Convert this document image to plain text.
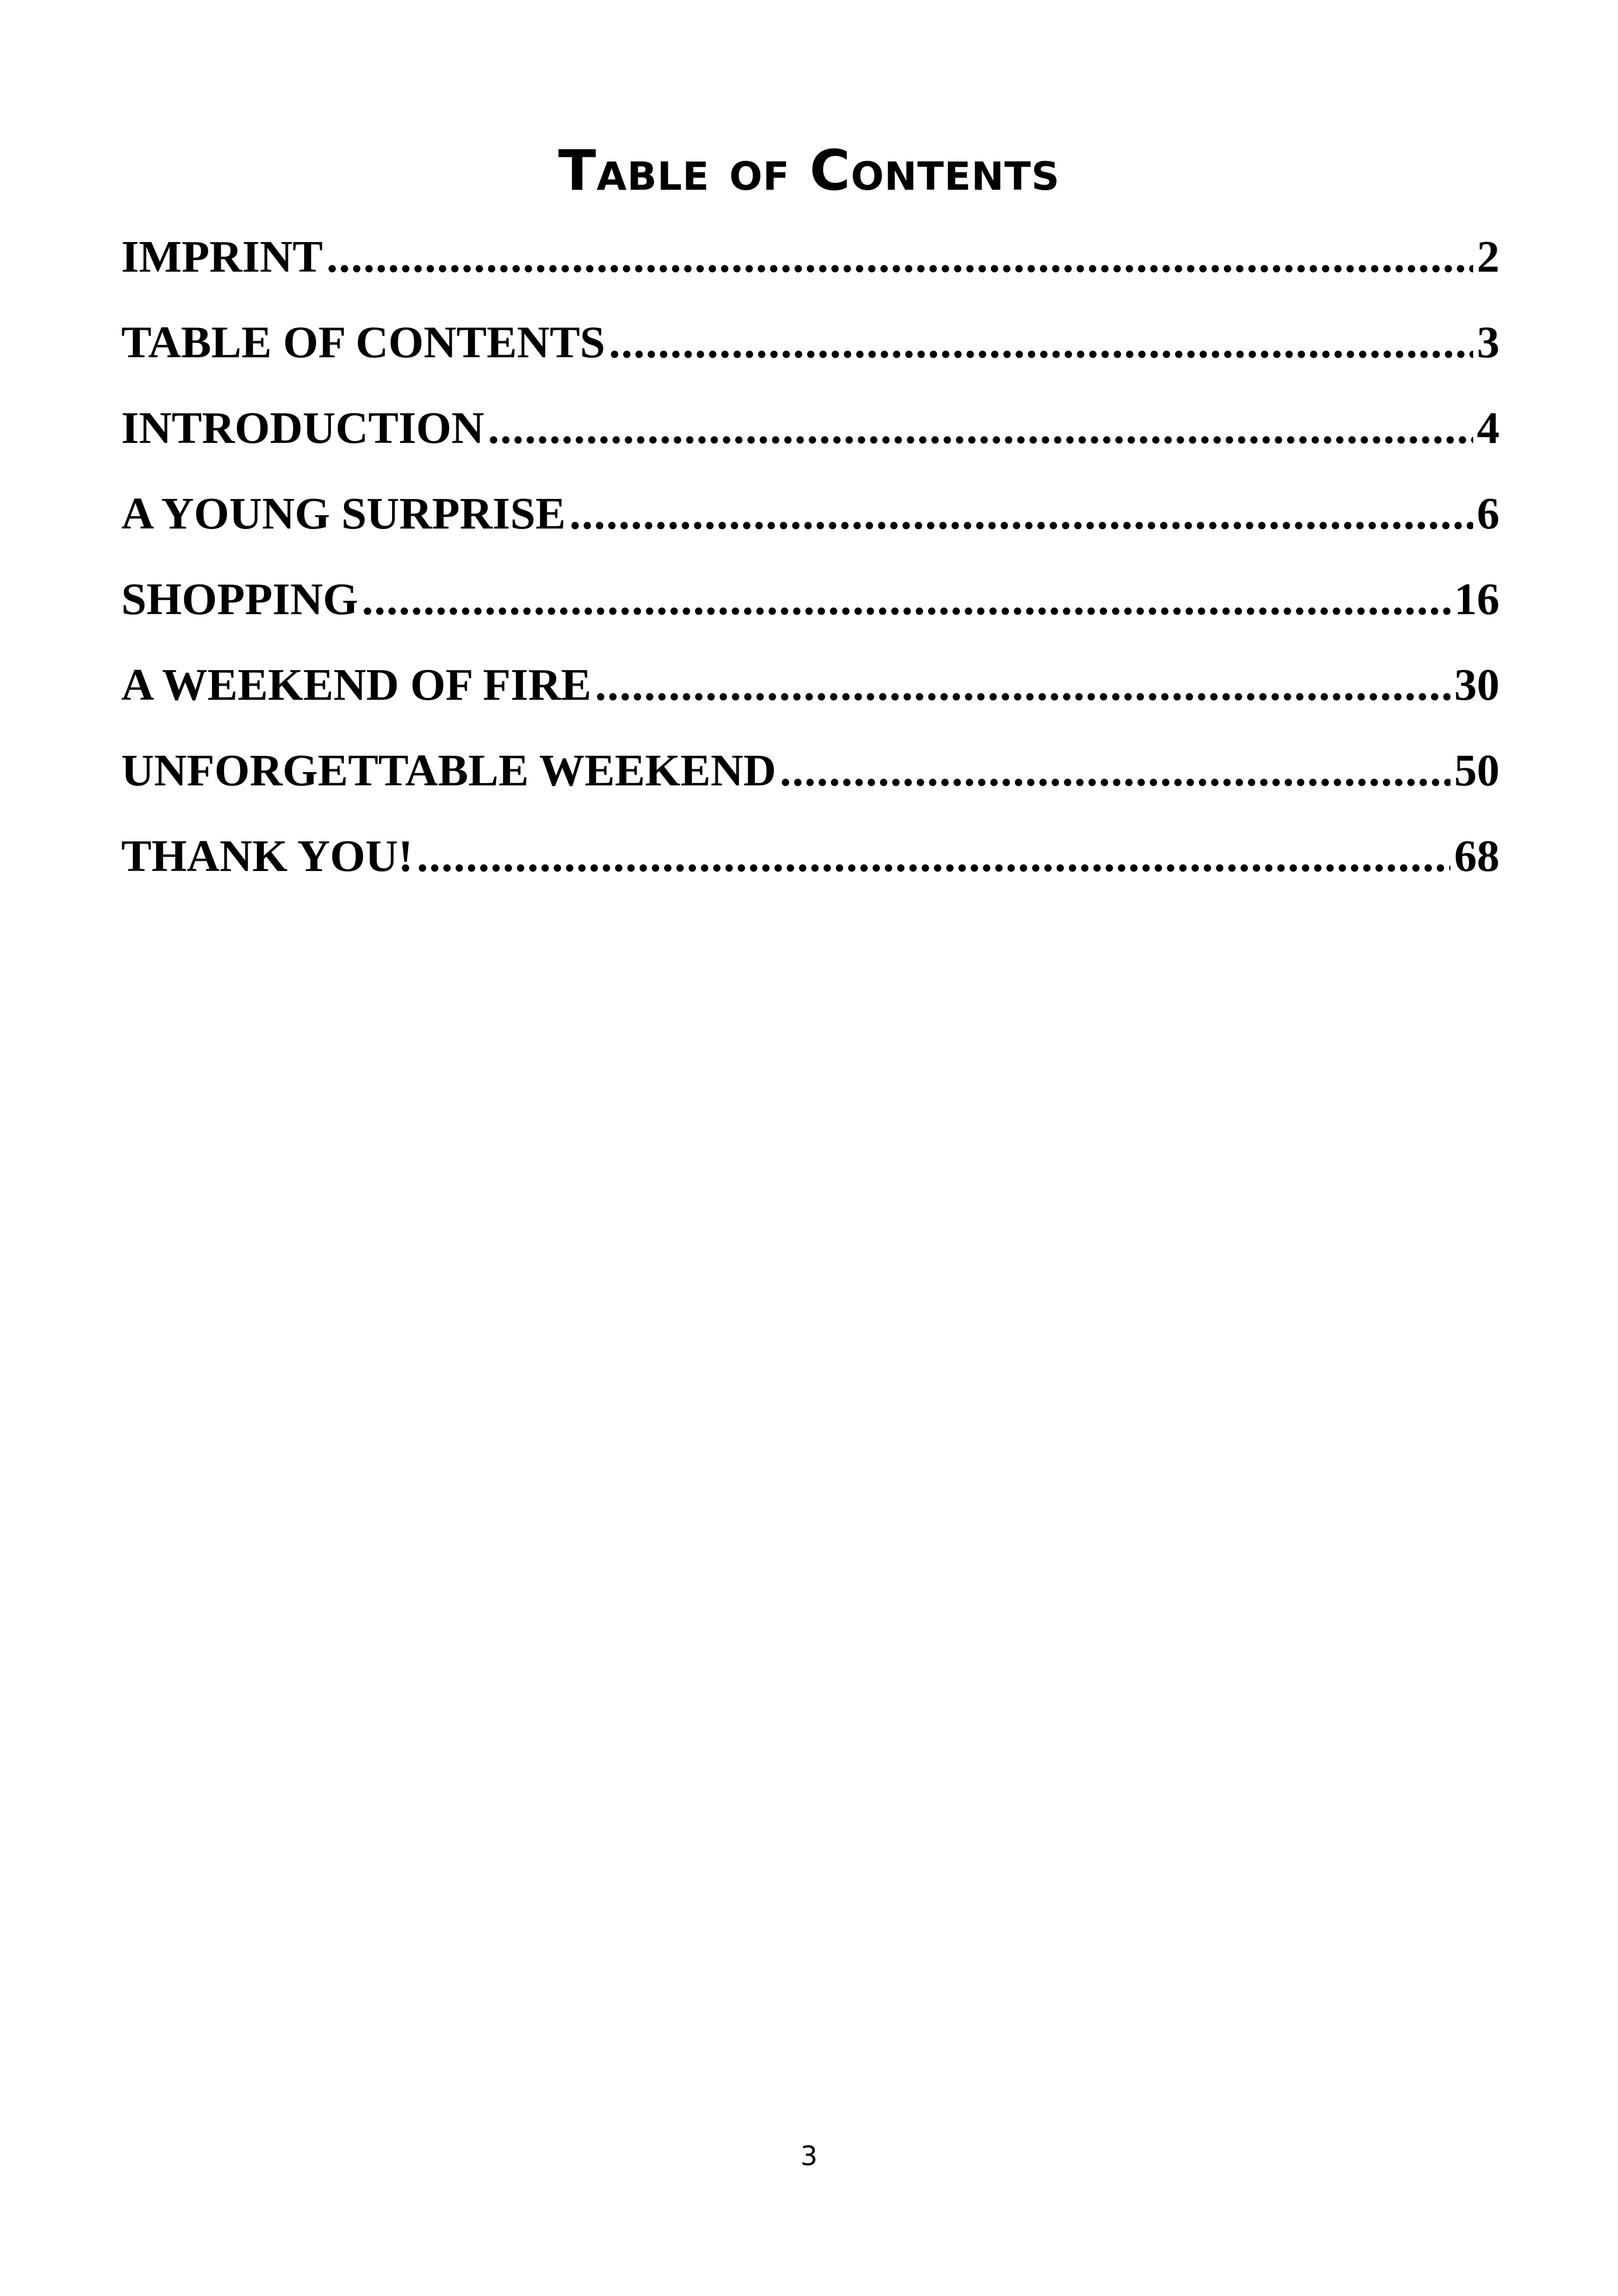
Table of Contents
IMPRINT .....	2
TABLE OF CONTENTS .....	3
INTRODUCTION .....	4
A YOUNG SURPRISE .....	6
SHOPPING .....	16
A WEEKEND OF FIRE .....	30
UNFORGETTABLE WEEKEND .....	50
THANK YOU! .....	68
3
